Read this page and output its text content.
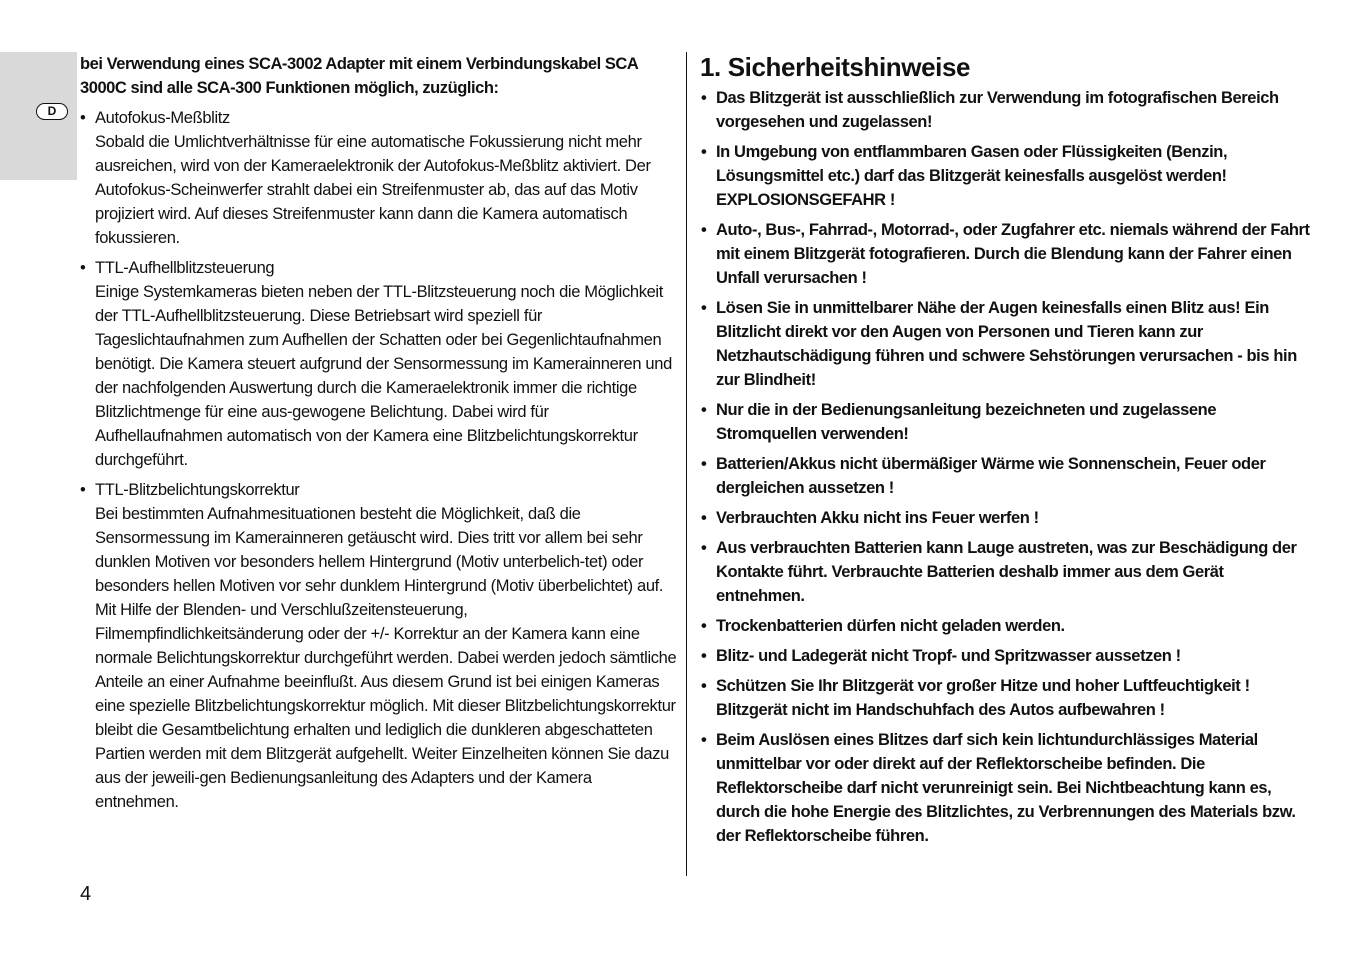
D

bei Verwendung eines SCA-3002 Adapter mit einem Verbindungskabel SCA 3000C sind alle SCA-300 Funktionen möglich, zuzüglich:

• Autofokus-Meßblitz
Sobald die Umlichtverhältnisse für eine automatische Fokussierung nicht mehr ausreichen, wird von der Kameraelektronik der Autofokus-Meßblitz aktiviert. Der Autofokus-Scheinwerfer strahlt dabei ein Streifenmuster ab, das auf das Motiv projiziert wird. Auf dieses Streifenmuster kann dann die Kamera automatisch fokussieren.
• TTL-Aufhellblitzsteuerung
Einige Systemkameras bieten neben der TTL-Blitzsteuerung noch die Möglichkeit der TTL-Aufhellblitzsteuerung. Diese Betriebsart wird speziell für Tageslichtaufnahmen zum Aufhellen der Schatten oder bei Gegenlichtaufnahmen benötigt. Die Kamera steuert aufgrund der Sensormessung im Kamerainneren und der nachfolgenden Auswertung durch die Kameraelektronik immer die richtige Blitzlichtmenge für eine aus-gewogene Belichtung. Dabei wird für Aufhellaufnahmen automatisch von der Kamera eine Blitzbelichtungskorrektur durchgeführt.
• TTL-Blitzbelichtungskorrektur
Bei bestimmten Aufnahmesituationen besteht die Möglichkeit, daß die Sensormessung im Kamerainneren getäuscht wird. Dies tritt vor allem bei sehr dunklen Motiven vor besonders hellem Hintergrund (Motiv unterbelich-tet) oder besonders hellen Motiven vor sehr dunklem Hintergrund (Motiv überbelichtet) auf. Mit Hilfe der Blenden- und Verschlußzeitensteuerung, Filmempfindlichkeitsänderung oder der +/- Korrektur an der Kamera kann eine normale Belichtungskorrektur durchgeführt werden. Dabei werden jedoch sämtliche Anteile an einer Aufnahme beeinflußt. Aus diesem Grund ist bei einigen Kameras eine spezielle Blitzbelichtungskorrektur möglich. Mit dieser Blitzbelichtungskorrektur bleibt die Gesamtbelichtung erhalten und lediglich die dunkleren abgeschatteten Partien werden mit dem Blitzgerät aufgehellt. Weiter Einzelheiten können Sie dazu aus der jeweili-gen Bedienungsanleitung des Adapters und der Kamera entnehmen.
1. Sicherheitshinweise
• Das Blitzgerät ist ausschließlich zur Verwendung im fotografischen Bereich vorgesehen und zugelassen!
• In Umgebung von entflammbaren Gasen oder Flüssigkeiten (Benzin, Lösungsmittel etc.) darf das Blitzgerät keinesfalls ausgelöst werden! EXPLOSIONSGEFAHR !
• Auto-, Bus-, Fahrrad-, Motorrad-, oder Zugfahrer etc. niemals während der Fahrt mit einem Blitzgerät fotografieren. Durch die Blendung kann der Fahrer einen Unfall verursachen !
• Lösen Sie in unmittelbarer Nähe der Augen keinesfalls einen Blitz aus! Ein Blitzlicht direkt vor den Augen von Personen und Tieren kann zur Netzhautschädigung führen und schwere Sehstörungen verursachen - bis hin zur Blindheit!
• Nur die in der Bedienungsanleitung bezeichneten und zugelassene Stromquellen verwenden!
• Batterien/Akkus nicht übermäßiger Wärme wie Sonnenschein, Feuer oder dergleichen aussetzen !
• Verbrauchten Akku nicht ins Feuer werfen !
• Aus verbrauchten Batterien kann Lauge austreten, was zur Beschädigung der Kontakte führt. Verbrauchte Batterien deshalb immer aus dem Gerät entnehmen.
• Trockenbatterien dürfen nicht geladen werden.
• Blitz- und Ladegerät nicht Tropf- und Spritzwasser aussetzen !
• Schützen Sie Ihr Blitzgerät vor großer Hitze und hoher Luftfeuchtigkeit ! Blitzgerät nicht im Handschuhfach des Autos aufbewahren !
• Beim Auslösen eines Blitzes darf sich kein lichtundurchlässiges Material unmittelbar vor oder direkt auf der Reflektorscheibe befinden. Die Reflektorscheibe darf nicht verunreinigt sein. Bei Nichtbeachtung kann es, durch die hohe Energie des Blitzlichtes, zu Verbrennungen des Materials bzw. der Reflektorscheibe führen.
4
